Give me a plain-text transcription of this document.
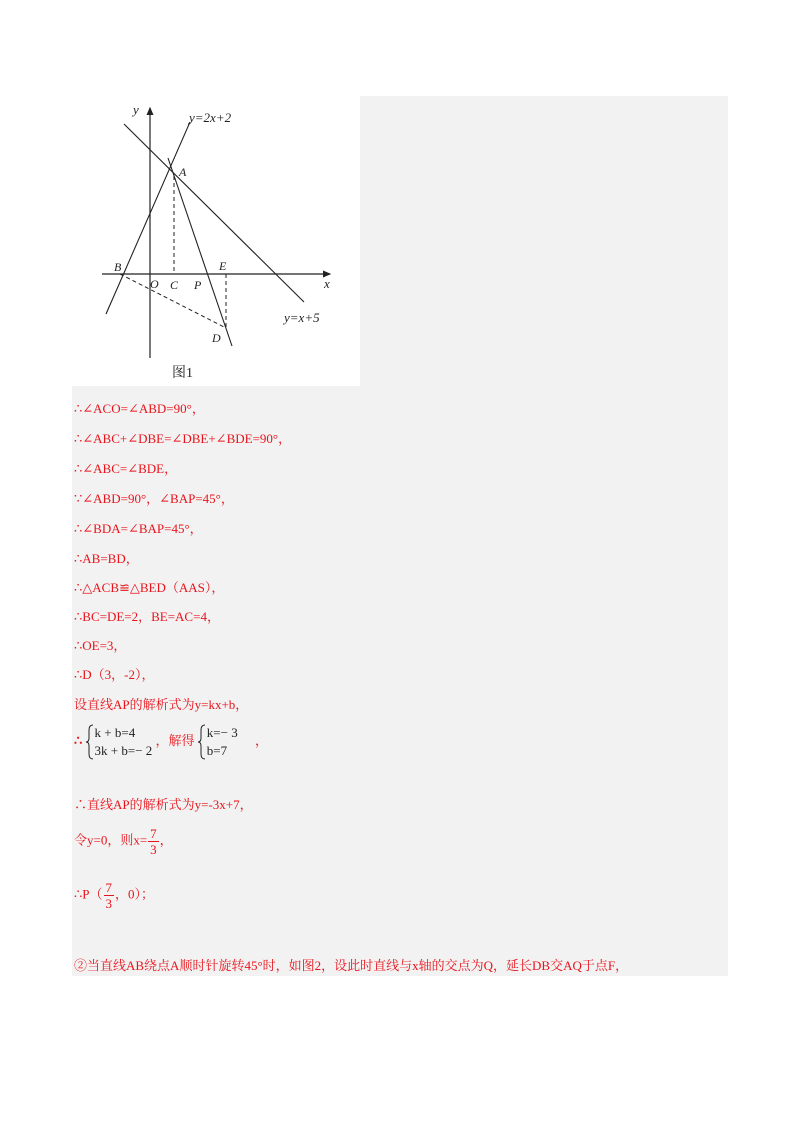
y
x
y=2x+2
y=x+5
A
B
O C P
E
D
图1
∴∠ACO=∠ABD=90°，
∴∠ABC+∠DBE=∠DBE+∠BDE=90°，
∴∠ABC=∠BDE，
∵∠ABD=90°，∠BAP=45°，
∴∠BDA=∠BAP=45°，
∴AB=BD，
∴△ACB≌△BED（AAS），
∴BC=DE=2，BE=AC=4，
∴OE=3，
∴D（3，-2），
设直线AP的解析式为y=kx+b，
∴
k + b=4
3k + b=− 2
，解得
k=− 3
b=7
，
∴直线AP的解析式为y=-3x+7，
令y=0，则$x= \frac{7}{3}$ ，
∴P（ $\frac{7}{3}$ ，0）；
②当直线AB绕点A顺时针旋转45°时，如图2，设此时直线与x轴的交点为Q，延长DB交AQ于点F，
